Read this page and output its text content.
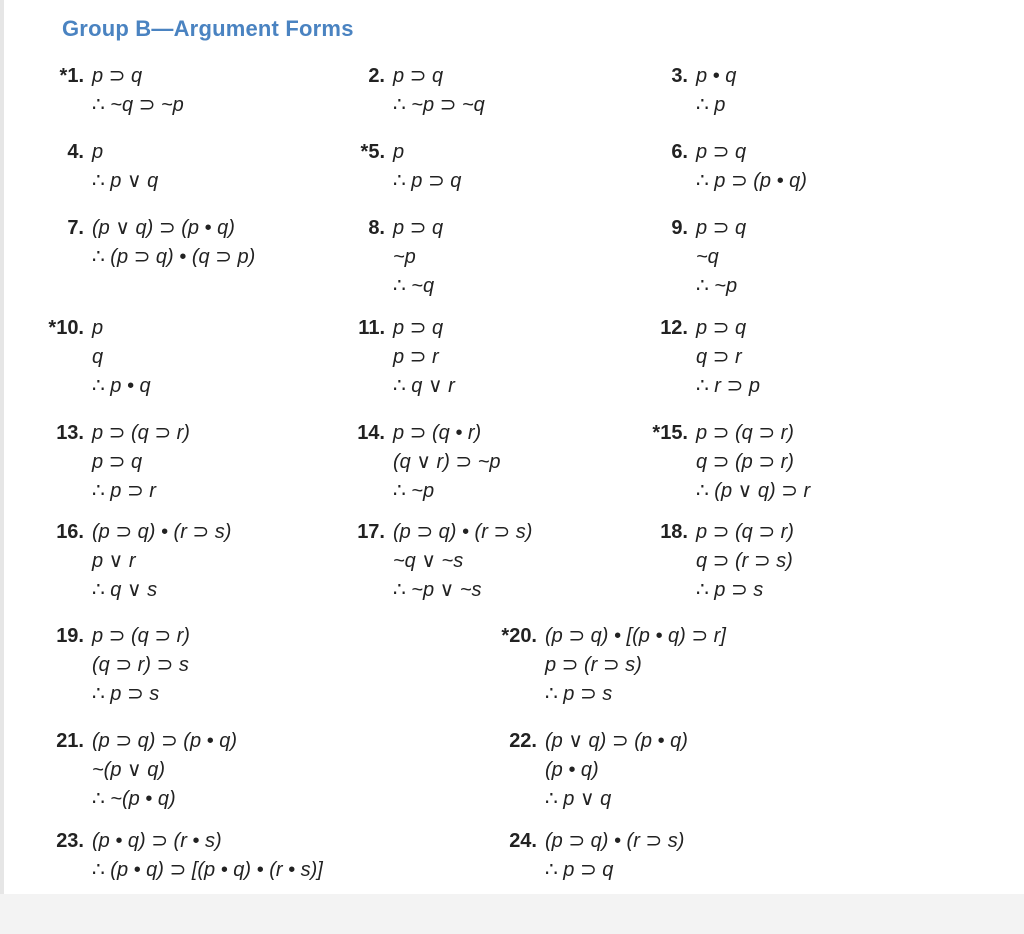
Group B—Argument Forms
*1. p ⊃ q
∴ ~q ⊃ ~p
2. p ⊃ q
∴ ~p ⊃ ~q
3. p • q
∴ p
4. p
∴ p ∨ q
*5. p
∴ p ⊃ q
6. p ⊃ q
∴ p ⊃ (p • q)
7. (p ∨ q) ⊃ (p • q)
∴ (p ⊃ q) • (q ⊃ p)
8. p ⊃ q
~p
∴ ~q
9. p ⊃ q
~q
∴ ~p
*10. p
q
∴ p • q
11. p ⊃ q
p ⊃ r
∴ q ∨ r
12. p ⊃ q
q ⊃ r
∴ r ⊃ p
13. p ⊃ (q ⊃ r)
p ⊃ q
∴ p ⊃ r
14. p ⊃ (q • r)
(q ∨ r) ⊃ ~p
∴ ~p
*15. p ⊃ (q ⊃ r)
q ⊃ (p ⊃ r)
∴ (p ∨ q) ⊃ r
16. (p ⊃ q) • (r ⊃ s)
p ∨ r
∴ q ∨ s
17. (p ⊃ q) • (r ⊃ s)
~q ∨ ~s
∴ ~p ∨ ~s
18. p ⊃ (q ⊃ r)
q ⊃ (r ⊃ s)
∴ p ⊃ s
19. p ⊃ (q ⊃ r)
(q ⊃ r) ⊃ s
∴ p ⊃ s
*20. (p ⊃ q) • [(p • q) ⊃ r]
p ⊃ (r ⊃ s)
∴ p ⊃ s
21. (p ⊃ q) ⊃ (p • q)
~(p ∨ q)
∴ ~(p • q)
22. (p ∨ q) ⊃ (p • q)
(p • q)
∴ p ∨ q
23. (p • q) ⊃ (r • s)
∴ (p • q) ⊃ [(p • q) • (r • s)]
24. (p ⊃ q) • (r ⊃ s)
∴ p ⊃ q
